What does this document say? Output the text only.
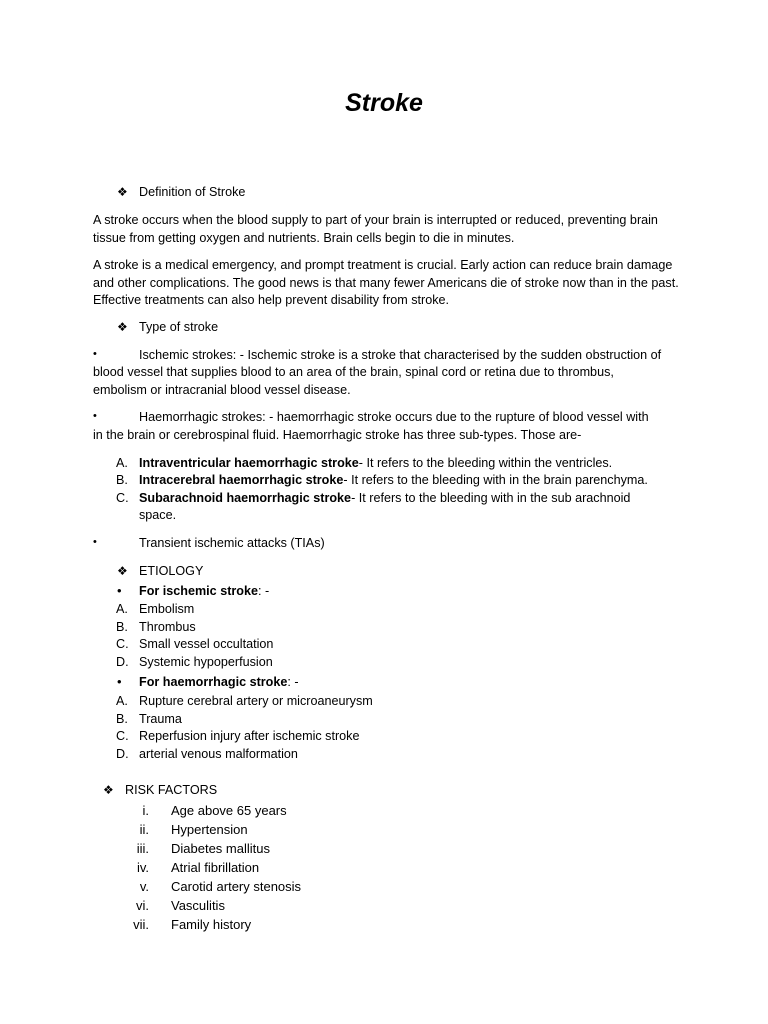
Stroke
❖ Definition of Stroke
A stroke occurs when the blood supply to part of your brain is interrupted or reduced, preventing brain tissue from getting oxygen and nutrients. Brain cells begin to die in minutes.
A stroke is a medical emergency, and prompt treatment is crucial. Early action can reduce brain damage and other complications. The good news is that many fewer Americans die of stroke now than in the past. Effective treatments can also help prevent disability from stroke.
❖ Type of stroke
•	Ischemic strokes: - Ischemic stroke is a stroke that characterised by the sudden obstruction of
blood vessel that supplies blood to an area of the brain, spinal cord or retina due to thrombus,
embolism or intracranial blood vessel disease.
•	Haemorrhagic strokes: - haemorrhagic stroke occurs due to the rupture of blood vessel with
in the brain or cerebrospinal fluid. Haemorrhagic stroke has three sub-types. Those are-
A. Intraventricular haemorrhagic stroke- It refers to the bleeding within the ventricles.
B. Intracerebral haemorrhagic stroke- It refers to the bleeding with in the brain parenchyma.
C. Subarachnoid haemorrhagic stroke- It refers to the bleeding with in the sub arachnoid
space.
•	Transient ischemic attacks (TIAs)
❖ ETIOLOGY
• For ischemic stroke: -
A. Embolism
B. Thrombus
C. Small vessel occultation
D. Systemic hypoperfusion
• For haemorrhagic stroke: -
A. Rupture cerebral artery or microaneurysm
B. Trauma
C. Reperfusion injury after ischemic stroke
D. arterial venous malformation
❖ RISK FACTORS
i. Age above 65 years
ii. Hypertension
iii. Diabetes mallitus
iv. Atrial fibrillation
v. Carotid artery stenosis
vi. Vasculitis
vii. Family history
